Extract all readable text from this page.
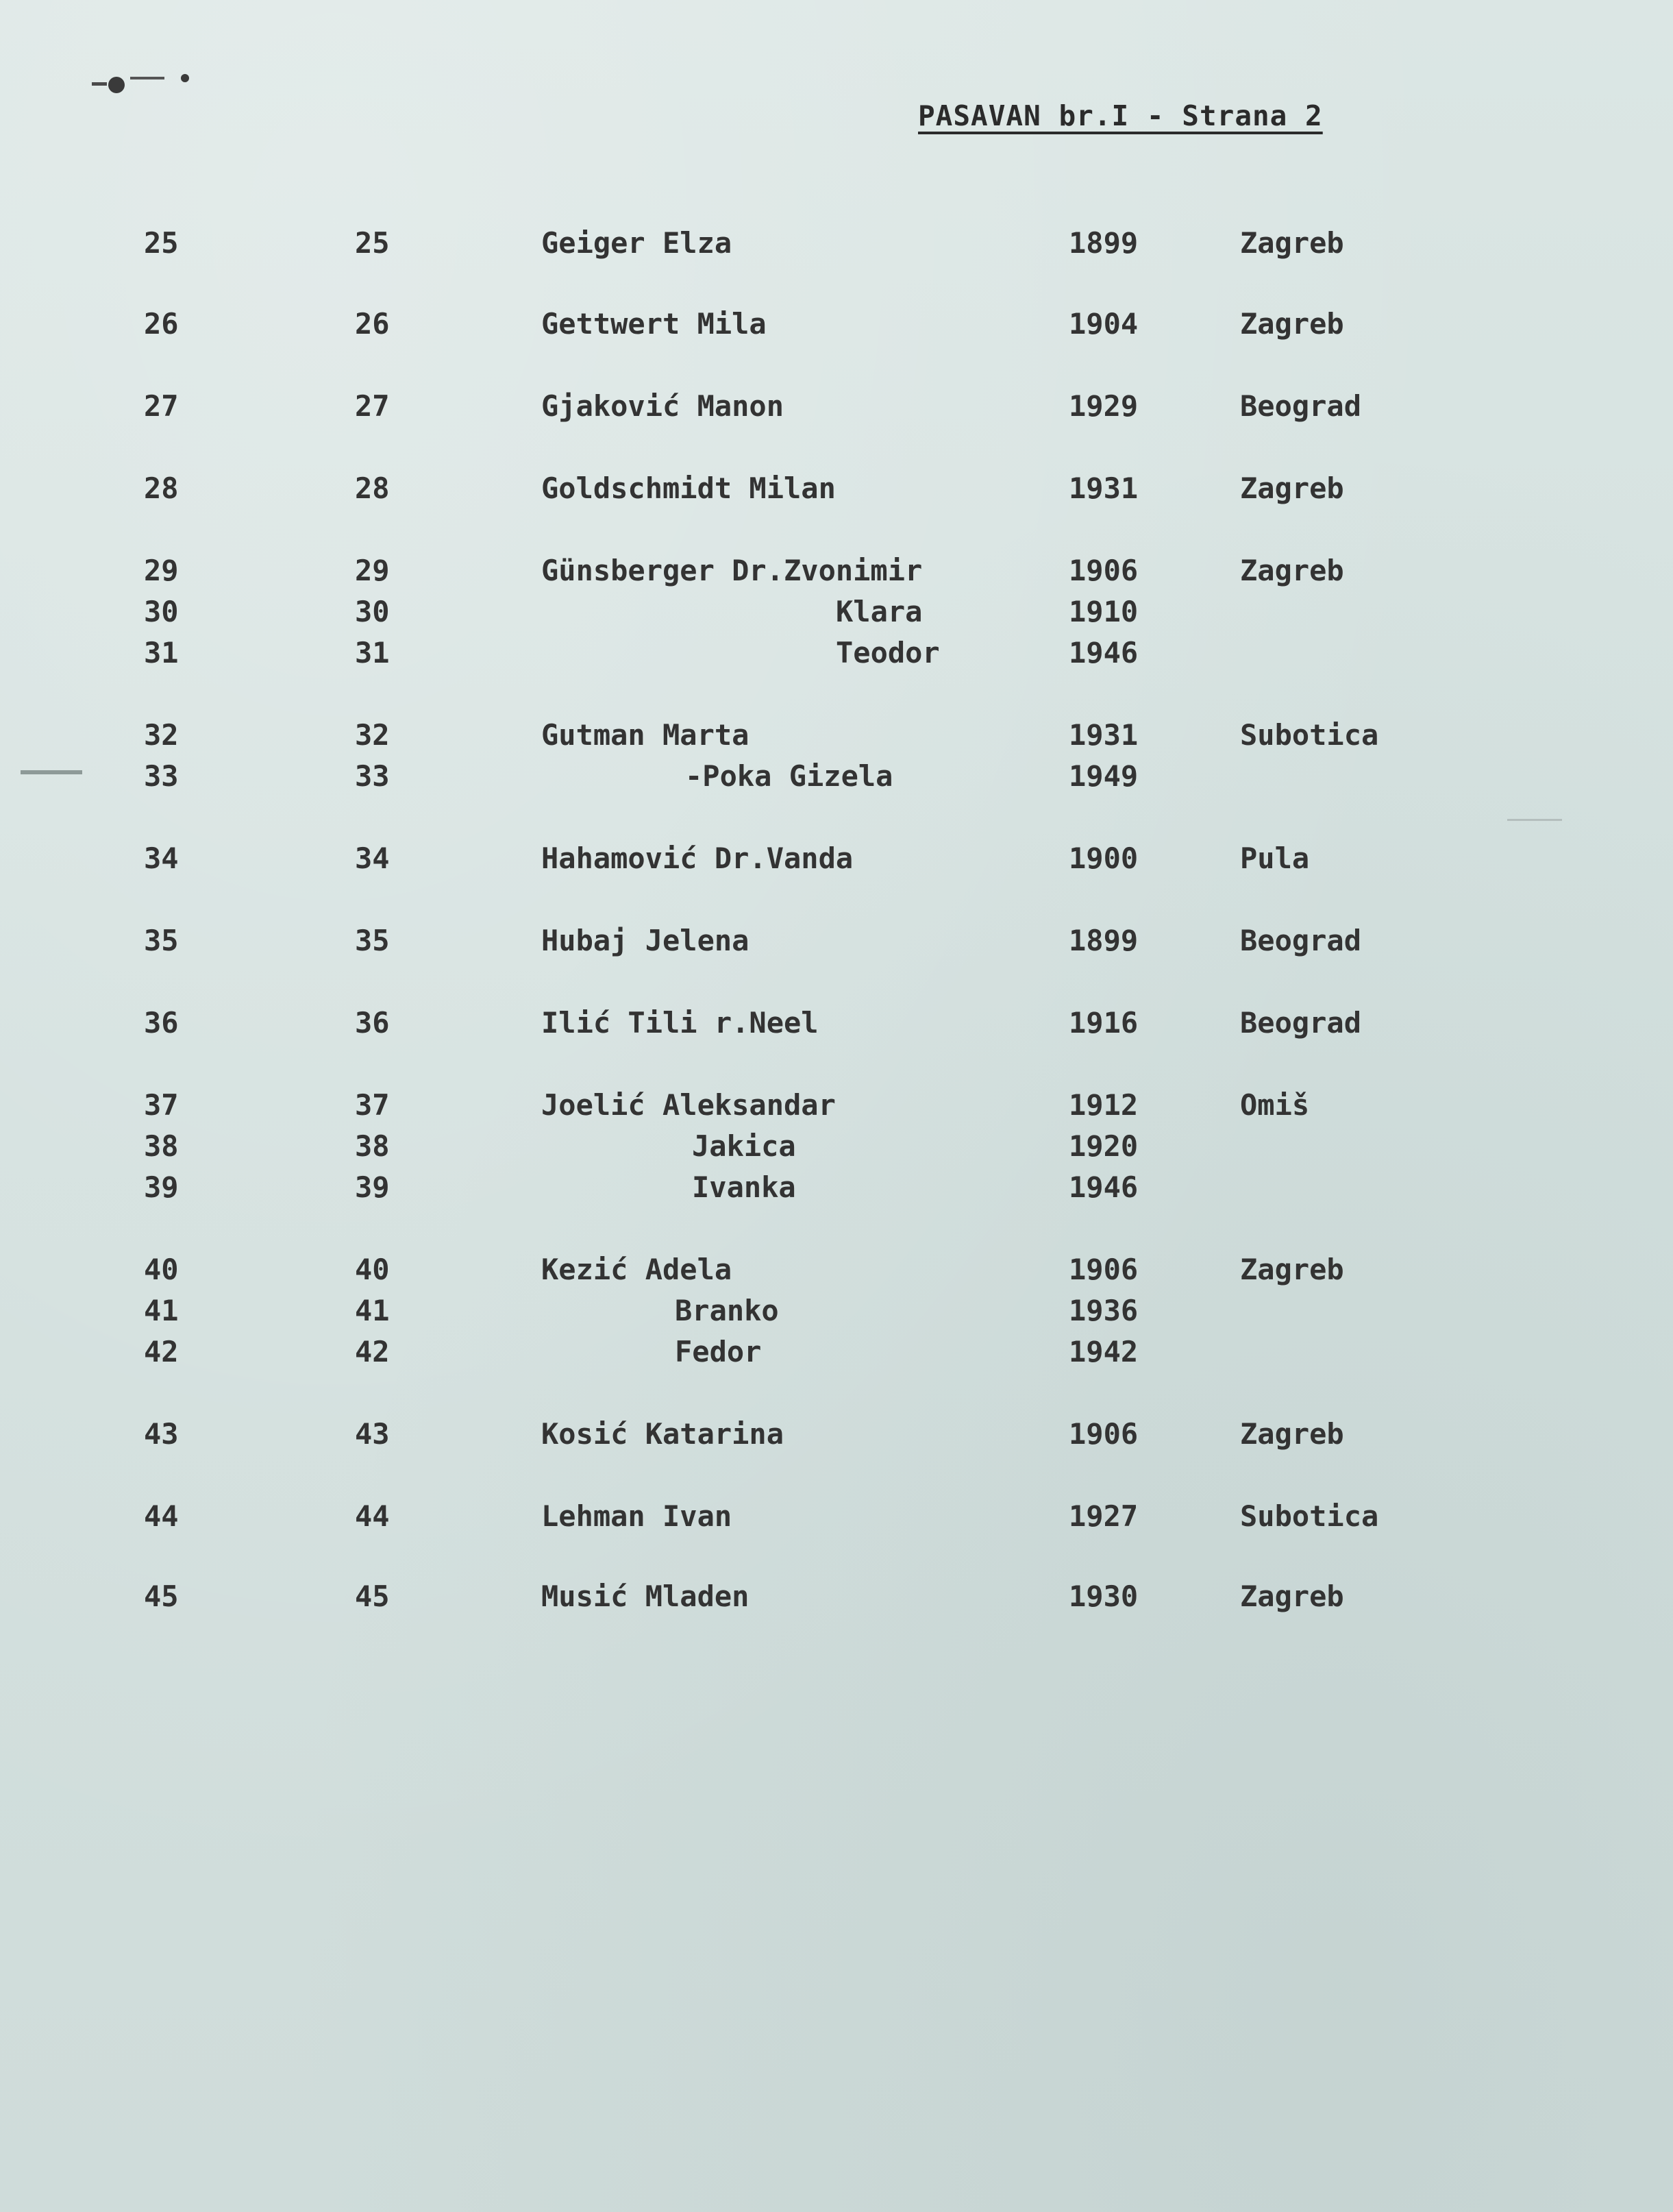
PASAVAN br.I - Strana 2
25	25	Geiger Elza	1899	Zagreb
26	26	Gettwert Mila	1904	Zagreb
27	27	Gjaković Manon	1929	Beograd
28	28	Goldschmidt Milan	1931	Zagreb
29	29	Günsberger Dr.Zvonimir	1906	Zagreb
30	30	Klara	1910
31	31	Teodor	1946
32	32	Gutman Marta	1931	Subotica
33	33	-Poka Gizela	1949
34	34	Hahamović Dr.Vanda	1900	Pula
35	35	Hubaj Jelena	1899	Beograd
36	36	Ilić Tili r.Neel	1916	Beograd
37	37	Joelić Aleksandar	1912	Omiš
38	38	Jakica	1920
39	39	Ivanka	1946
40	40	Kezić Adela	1906	Zagreb
41	41	Branko	1936
42	42	Fedor	1942
43	43	Kosić Katarina	1906	Zagreb
44	44	Lehman Ivan	1927	Subotica
45	45	Musić Mladen	1930	Zagreb
